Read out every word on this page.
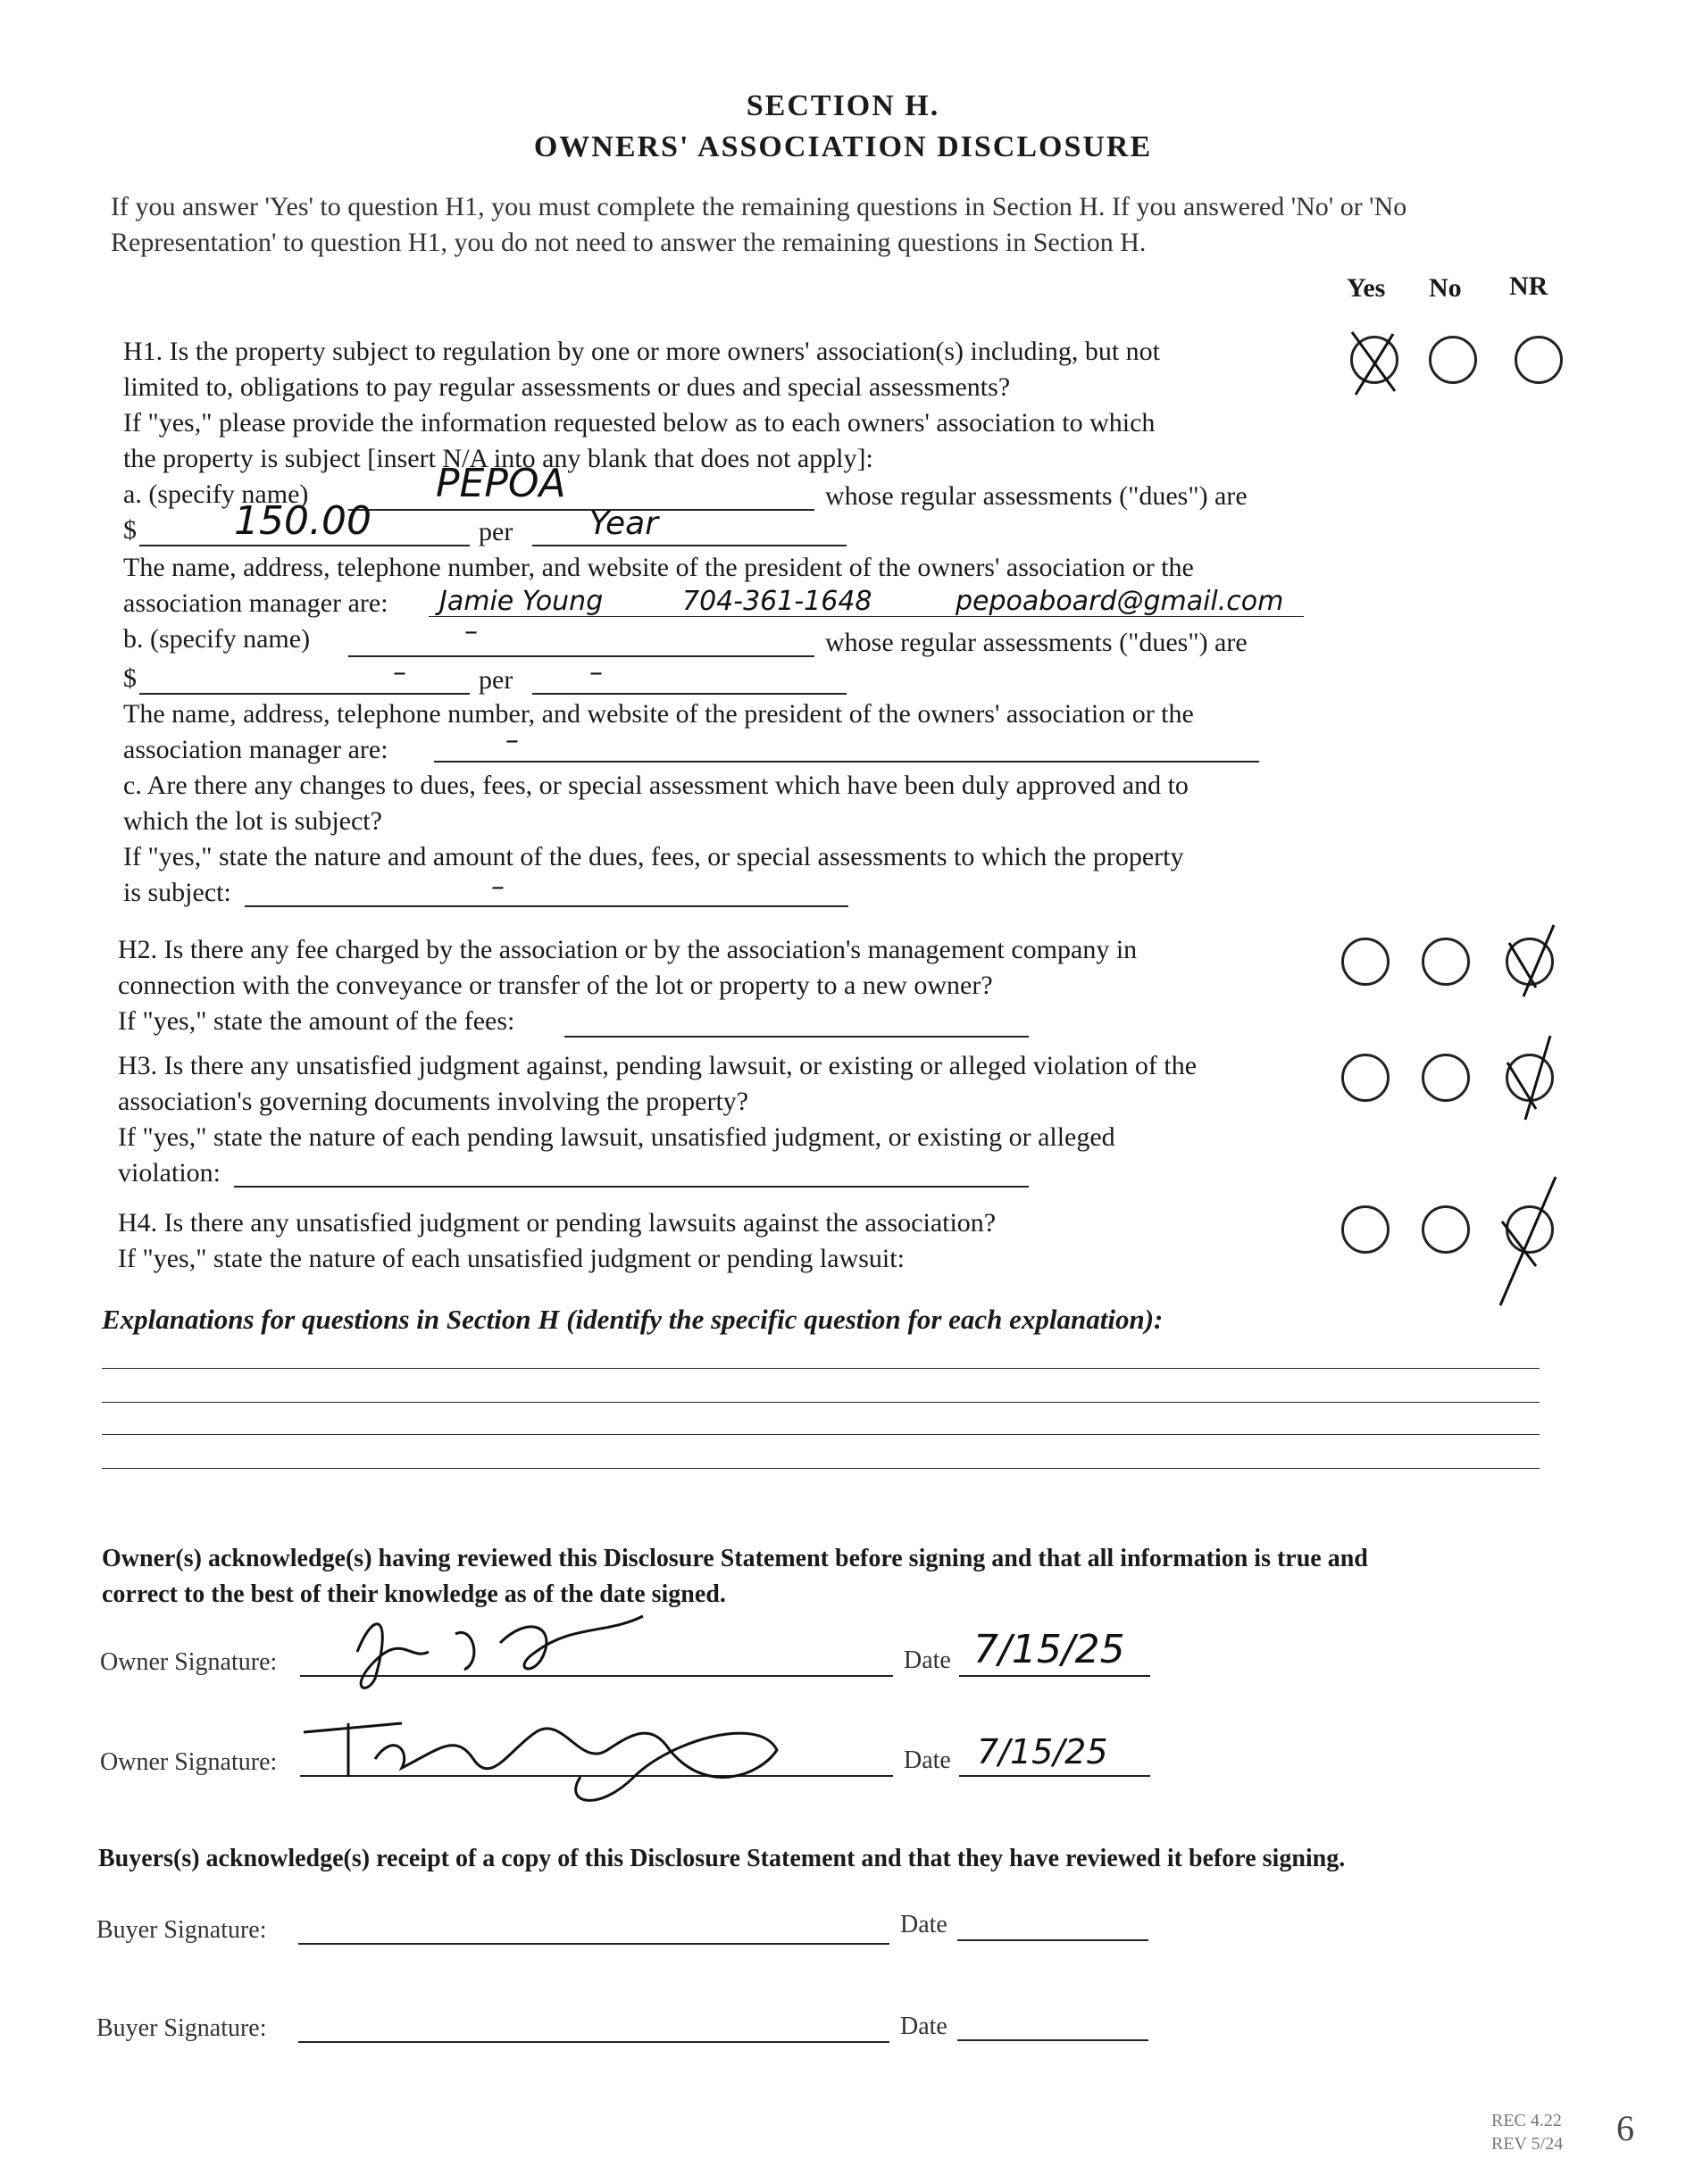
SECTION H.
OWNERS' ASSOCIATION DISCLOSURE
If you answer 'Yes' to question H1, you must complete the remaining questions in Section H. If you answered 'No' or 'No
Representation' to question H1, you do not need to answer the remaining questions in Section H.
Yes No NR
H1. Is the property subject to regulation by one or more owners' association(s) including, but not
limited to, obligations to pay regular assessments or dues and special assessments?
If "yes," please provide the information requested below as to each owners' association to which
the property is subject [insert N/A into any blank that does not apply]:
a. (specify name)	PEPOA	whose regular assessments ("dues") are
$ 150.00	per Year
The name, address, telephone number, and website of the president of the owners' association or the
association manager are: Jamie Young	704-361-1648	pepoaboard@gmail.com
b. (specify name)	–	whose regular assessments ("dues") are
$	–	per	–
The name, address, telephone number, and website of the president of the owners' association or the
association manager are:	–
c. Are there any changes to dues, fees, or special assessment which have been duly approved and to
which the lot is subject?
If "yes," state the nature and amount of the dues, fees, or special assessments to which the property
is subject:	–
H2. Is there any fee charged by the association or by the association's management company in
connection with the conveyance or transfer of the lot or property to a new owner?
If "yes," state the amount of the fees:
H3. Is there any unsatisfied judgment against, pending lawsuit, or existing or alleged violation of the
association's governing documents involving the property?
If "yes," state the nature of each pending lawsuit, unsatisfied judgment, or existing or alleged
violation:
H4. Is there any unsatisfied judgment or pending lawsuits against the association?
If "yes," state the nature of each unsatisfied judgment or pending lawsuit:
Explanations for questions in Section H (identify the specific question for each explanation):
Owner(s) acknowledge(s) having reviewed this Disclosure Statement before signing and that all information is true and
correct to the best of their knowledge as of the date signed.
Owner Signature:	Date 7/15/25
Owner Signature:	Date 7/15/25
Buyers(s) acknowledge(s) receipt of a copy of this Disclosure Statement and that they have reviewed it before signing.
Buyer Signature:	Date
Buyer Signature:	Date
REC 4.22
REV 5/24 6
